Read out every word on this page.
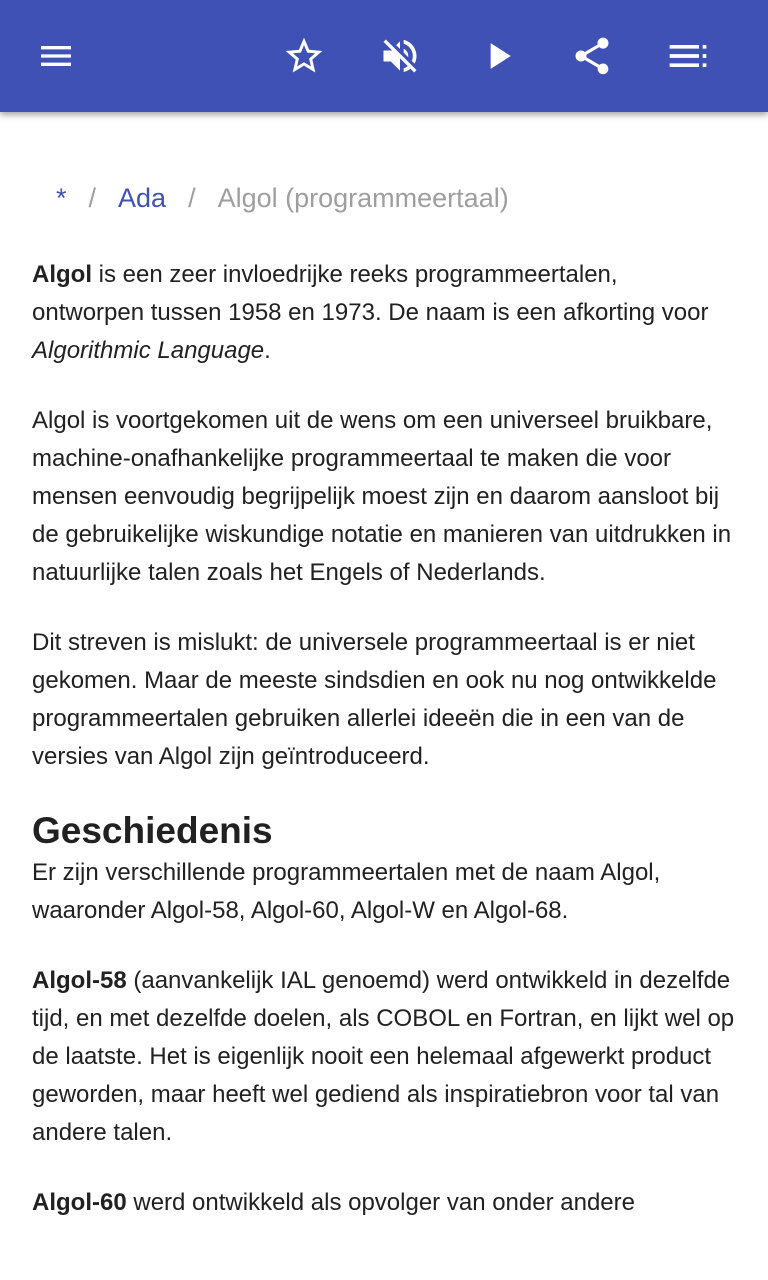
* / Ada / Algol (programmeertaal)

Algol is een zeer invloedrijke reeks programmeertalen, ontworpen tussen 1958 en 1973. De naam is een afkorting voor Algorithmic Language.

Algol is voortgekomen uit de wens om een universeel bruikbare, machine-onafhankelijke programmeertaal te maken die voor mensen eenvoudig begrijpelijk moest zijn en daarom aansloot bij de gebruikelijke wiskundige notatie en manieren van uitdrukken in natuurlijke talen zoals het Engels of Nederlands.

Dit streven is mislukt: de universele programmeertaal is er niet gekomen. Maar de meeste sindsdien en ook nu nog ontwikkelde programmeertalen gebruiken allerlei ideeën die in een van de versies van Algol zijn geïntroduceerd.

Geschiedenis

Er zijn verschillende programmeertalen met de naam Algol, waaronder Algol-58, Algol-60, Algol-W en Algol-68.

Algol-58 (aanvankelijk IAL genoemd) werd ontwikkeld in dezelfde tijd, en met dezelfde doelen, als COBOL en Fortran, en lijkt wel op de laatste. Het is eigenlijk nooit een helemaal afgewerkt product geworden, maar heeft wel gediend als inspiratiebron voor tal van andere talen.

Algol-60 werd ontwikkeld als opvolger van onder andere
